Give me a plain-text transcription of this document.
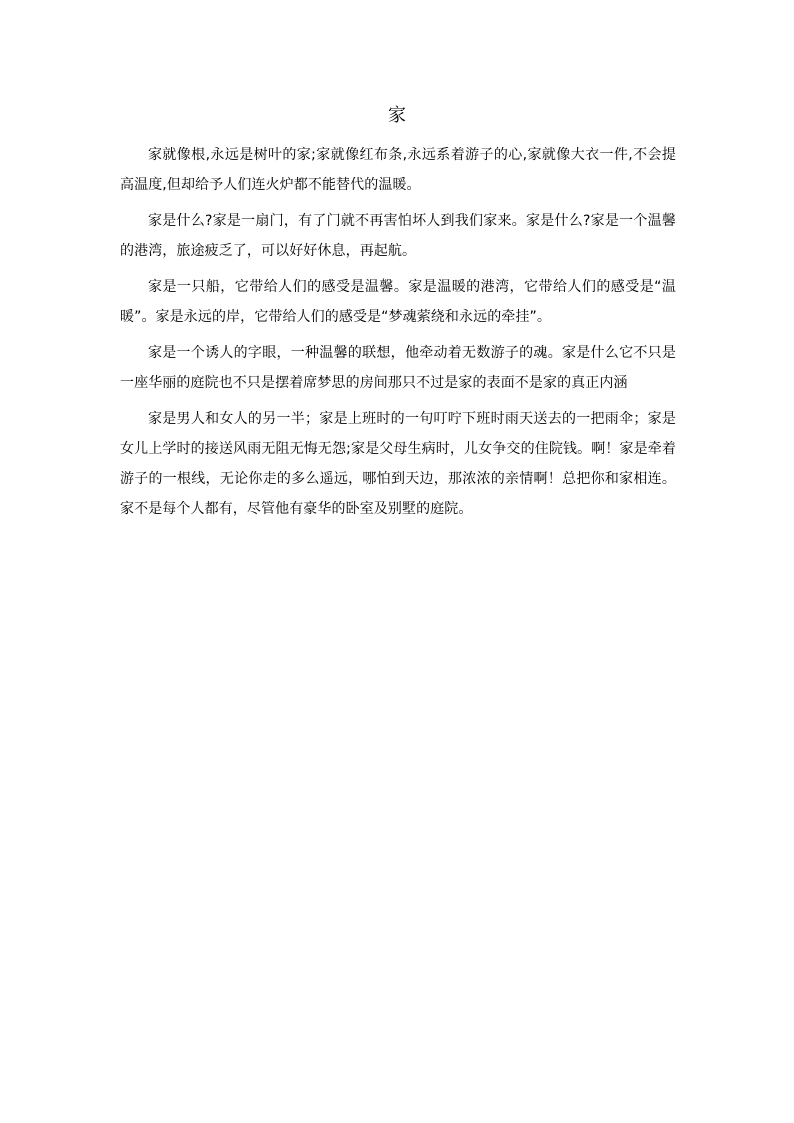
家

家就像根,永远是树叶的家;家就像红布条,永远系着游子的心,家就像大衣一件,不会提高温度,但却给予人们连火炉都不能替代的温暖。

家是什么?家是一扇门，有了门就不再害怕坏人到我们家来。家是什么?家是一个温馨的港湾，旅途疲乏了，可以好好休息，再起航。

家是一只船，它带给人们的感受是温馨。家是温暖的港湾，它带给人们的感受是“温暖”。家是永远的岸，它带给人们的感受是“梦魂萦绕和永远的牵挂”。

家是一个诱人的字眼，一种温馨的联想，他牵动着无数游子的魂。家是什么它不只是一座华丽的庭院也不只是摆着席梦思的房间那只不过是家的表面不是家的真正内涵

家是男人和女人的另一半；家是上班时的一句叮咛下班时雨天送去的一把雨伞；家是女儿上学时的接送风雨无阻无悔无怨;家是父母生病时，儿女争交的住院钱。啊！家是牵着游子的一根线，无论你走的多么遥远，哪怕到天边，那浓浓的亲情啊！总把你和家相连。家不是每个人都有，尽管他有豪华的卧室及别墅的庭院。
